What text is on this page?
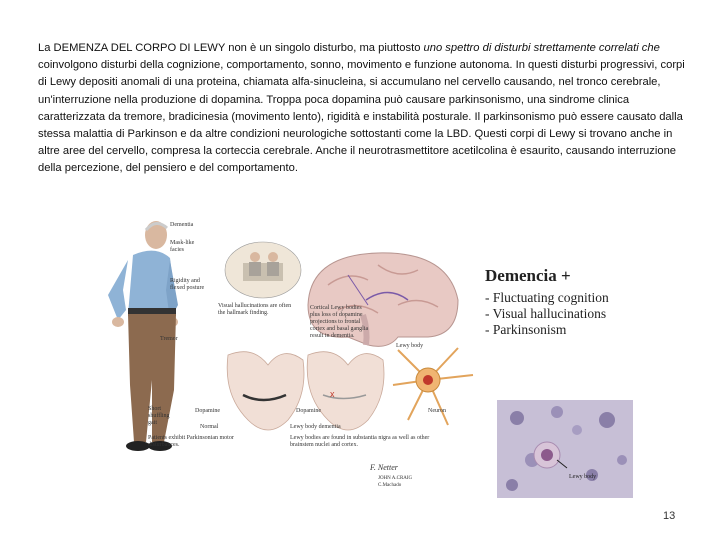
La DEMENZA DEL CORPO DI LEWY non è un singolo disturbo, ma piuttosto uno spettro di disturbi strettamente correlati che coinvolgono disturbi della cognizione, comportamento, sonno, movimento e funzione autonoma. In questi disturbi progressivi, corpi di Lewy depositi anomali di una proteina, chiamata alfa-sinucleina, si accumulano nel cervello causando, nel tronco cerebrale, un'interruzione nella produzione di dopamina. Troppa poca dopamina può causare parkinsonismo, una sindrome clinica caratterizzata da tremore, bradicinesia (movimento lento), rigidità e instabilità posturale. Il parkinsonismo può essere causato dalla stessa malattia di Parkinson e da altre condizioni neurologiche sottostanti come la LBD. Questi corpi di Lewy si trovano anche in altre aree del cervello, compresa la corteccia cerebrale. Anche il neurotrasmettitore acetilcolina è esaurito, causando interruzione della percezione, del pensiero e del comportamento.
Dementia
Mask-like facies
Rigidity and flexed posture
Tremor
Short shuffling gait
Visual hallucinations are often the hallmark finding.
Cortical Lewy bodies plus loss of dopamine projections to frontal cortex and basal ganglia result in dementia.
x
Lewy body
Neuron
Dopamine
Normal
Dopamine
Lewy body dementia
Patients exhibit Parkinsonian motor disturbances.
Lewy bodies are found in substantia nigra as well as other brainstem nuclei and cortex.
F. Netter
JOHN A.CRAIG C.Machado
Demencia +
- Fluctuating cognition
- Visual hallucinations
- Parkinsonism
Lewy body
13
